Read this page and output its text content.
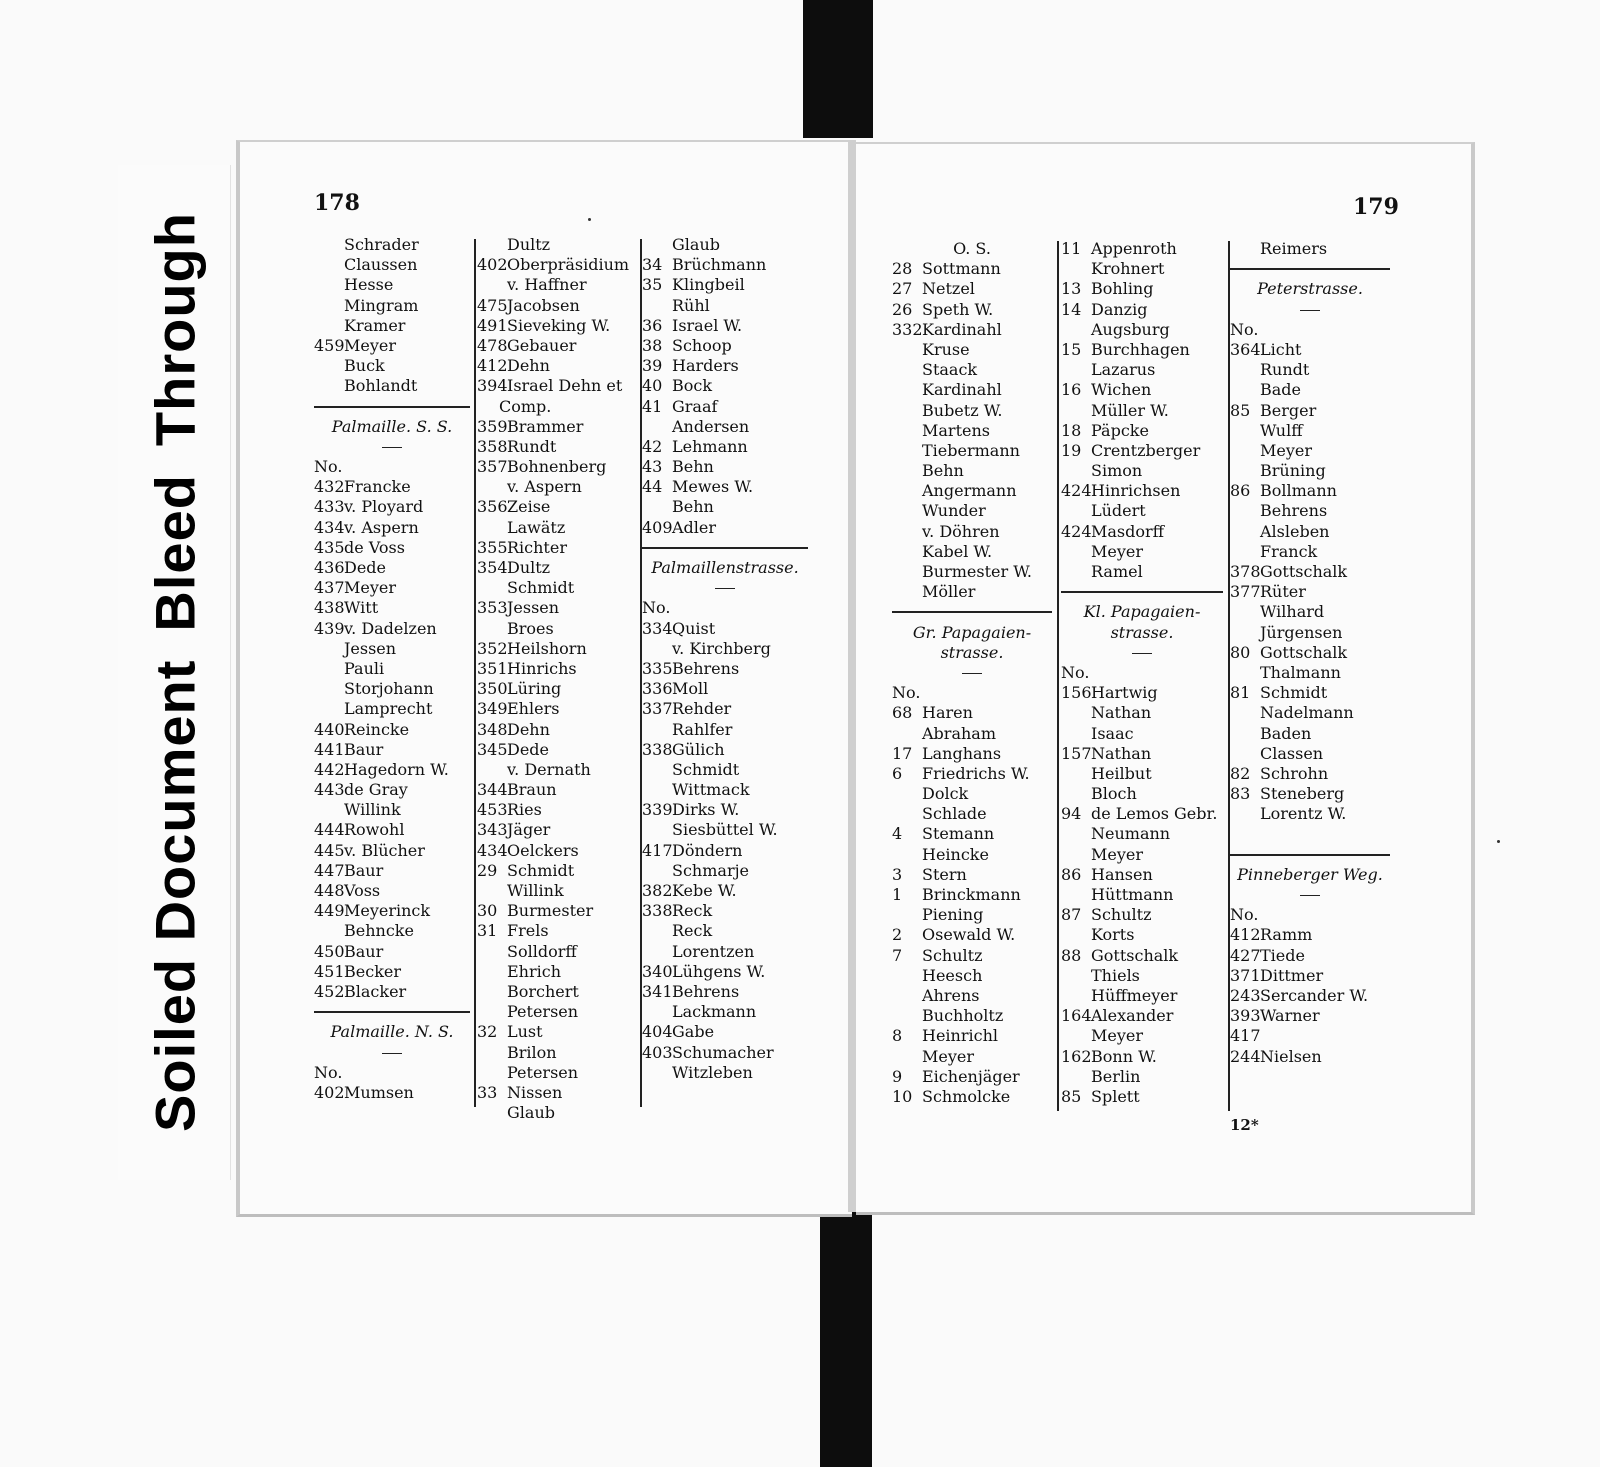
Soiled DocumentBleedThrough
178
Schrader
Claussen
Hesse
Mingram
Kramer
459Meyer
Buck
Bohlandt
Palmaille. S. S.
No.
432Francke
433v. Ployard
434v. Aspern
435de Voss
436Dede
437Meyer
438Witt
439v. Dadelzen
Jessen
Pauli
Storjohann
Lamprecht
440Reincke
441Baur
442Hagedorn W.
443de Gray
Willink
444Rowohl
445v. Blücher
447Baur
448Voss
449Meyerinck
Behncke
450Baur
451Becker
452Blacker
Palmaille. N. S.
No.
402Mumsen
Dultz
402Oberpräsidium
v. Haffner
475Jacobsen
491Sieveking W.
478Gebauer
412Dehn
394Israel Dehn et
Comp.
359Brammer
358Rundt
357Bohnenberg
v. Aspern
356Zeise
Lawätz
355Richter
354Dultz
Schmidt
353Jessen
Broes
352Heilshorn
351Hinrichs
350Lüring
349Ehlers
348Dehn
345Dede
v. Dernath
344Braun
453Ries
343Jäger
434Oelckers
29 Schmidt
Willink
30 Burmester
31 Frels
Solldorff
Ehrich
Borchert
Petersen
32 Lust
Brilon
Petersen
33 Nissen
Glaub
Glaub
34 Brüchmann
35 Klingbeil
Rühl
36 Israel W.
38 Schoop
39 Harders
40 Bock
41 Graaf
Andersen
42 Lehmann
43 Behn
44 Mewes W.
Behn
409Adler
Palmaillenstrasse.
No.
334Quist
v. Kirchberg
335Behrens
336Moll
337Rehder
Rahlfer
338Gülich
Schmidt
Wittmack
339Dirks W.
Siesbüttel W.
417Döndern
Schmarje
382Kebe W.
338Reck
Reck
Lorentzen
340Lühgens W.
341Behrens
Lackmann
404Gabe
403Schumacher
Witzleben
179
O. S.
28 Sottmann
27 Netzel
26 Speth W.
332Kardinahl
Kruse
Staack
Kardinahl
Bubetz W.
Martens
Tiebermann
Behn
Angermann
Wunder
v. Döhren
Kabel W.
Burmester W.
Möller
Gr. Papagaien-
strasse.
No.
68 Haren
Abraham
17 Langhans
6 Friedrichs W.
Dolck
Schlade
4 Stemann
Heincke
3 Stern
1 Brinckmann
Piening
2 Osewald W.
7 Schultz
Heesch
Ahrens
Buchholtz
8 Heinrichl
Meyer
9 Eichenjäger
10 Schmolcke
11 Appenroth
Krohnert
13 Bohling
14 Danzig
Augsburg
15 Burchhagen
Lazarus
16 Wichen
Müller W.
18 Päpcke
19 Crentzberger
Simon
424Hinrichsen
Lüdert
424Masdorff
Meyer
Ramel
Kl. Papagaien-
strasse.
No.
156Hartwig
Nathan
Isaac
157Nathan
Heilbut
Bloch
94 de Lemos Gebr.
Neumann
Meyer
86 Hansen
Hüttmann
87 Schultz
Korts
88 Gottschalk
Thiels
Hüffmeyer
164Alexander
Meyer
162Bonn W.
Berlin
85 Splett
Reimers
Peterstrasse.
No.
364Licht
Rundt
Bade
85 Berger
Wulff
Meyer
Brüning
86 Bollmann
Behrens
Alsleben
Franck
378Gottschalk
377Rüter
Wilhard
Jürgensen
80 Gottschalk
Thalmann
81 Schmidt
Nadelmann
Baden
Classen
82 Schrohn
83 Steneberg
Lorentz W.
Pinneberger Weg.
No.
412Ramm
427Tiede
371Dittmer
243Sercander W.
393Warner
417
244Nielsen
12*
